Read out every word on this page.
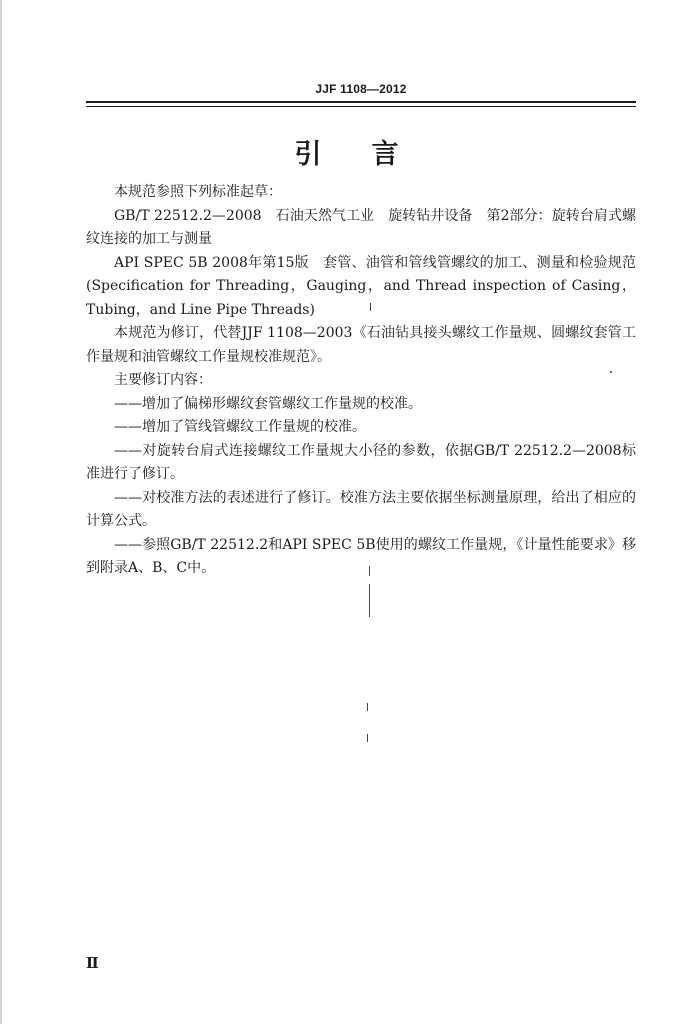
JJF 1108—2012
引 言

本规范参照下列标准起草：

GB/T 22512.2—2008　石油天然气工业　旋转钻井设备　第2部分：旋转台肩式螺纹连接的加工与测量

API SPEC 5B 2008年第15版　套管、油管和管线管螺纹的加工、测量和检验规范(Specification for Threading，Gauging，and Thread inspection of Casing，Tubing，and Line Pipe Threads)

本规范为修订，代替JJF 1108—2003《石油钻具接头螺纹工作量规、圆螺纹套管工作量规和油管螺纹工作量规校准规范》。

主要修订内容：

——增加了偏梯形螺纹套管螺纹工作量规的校准。

——增加了管线管螺纹工作量规的校准。

——对旋转台肩式连接螺纹工作量规大小径的参数，依据GB/T 22512.2—2008标准进行了修订。

——对校准方法的表述进行了修订。校准方法主要依据坐标测量原理，给出了相应的计算公式。

——参照GB/T 22512.2和API SPEC 5B使用的螺纹工作量规，《计量性能要求》移到附录A、B、C中。

Ⅱ
